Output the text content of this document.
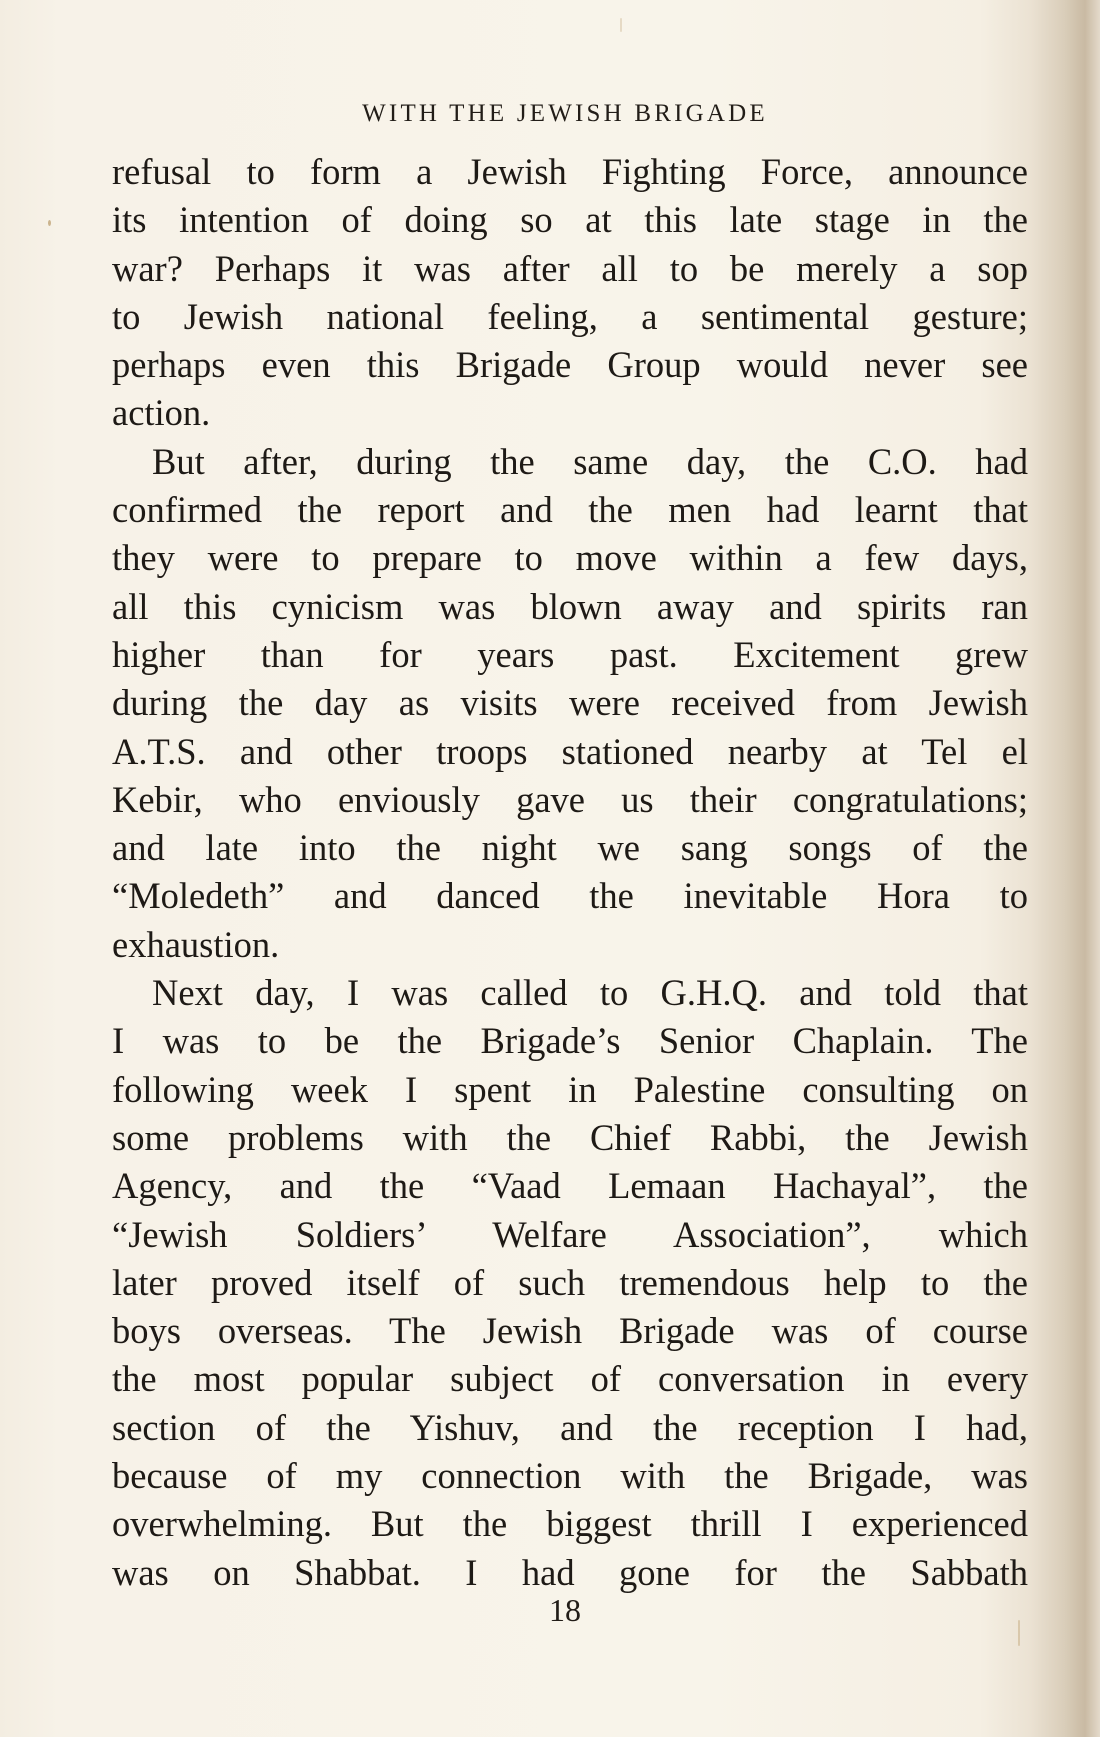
WITH THE JEWISH BRIGADE
refusal to form a Jewish Fighting Force, announce
its intention of doing so at this late stage in the
war? Perhaps it was after all to be merely a sop
to Jewish national feeling, a sentimental gesture;
perhaps even this Brigade Group would never see
action.
But after, during the same day, the C.O. had
confirmed the report and the men had learnt that
they were to prepare to move within a few days,
all this cynicism was blown away and spirits ran
higher than for years past. Excitement grew
during the day as visits were received from Jewish
A.T.S. and other troops stationed nearby at Tel el
Kebir, who enviously gave us their congratulations;
and late into the night we sang songs of the
“Moledeth” and danced the inevitable Hora to
exhaustion.
Next day, I was called to G.H.Q. and told that
I was to be the Brigade’s Senior Chaplain. The
following week I spent in Palestine consulting on
some problems with the Chief Rabbi, the Jewish
Agency, and the “Vaad Lemaan Hachayal”, the
“Jewish Soldiers’ Welfare Association”, which
later proved itself of such tremendous help to the
boys overseas. The Jewish Brigade was of course
the most popular subject of conversation in every
section of the Yishuv, and the reception I had,
because of my connection with the Brigade, was
overwhelming. But the biggest thrill I experienced
was on Shabbat. I had gone for the Sabbath
18
